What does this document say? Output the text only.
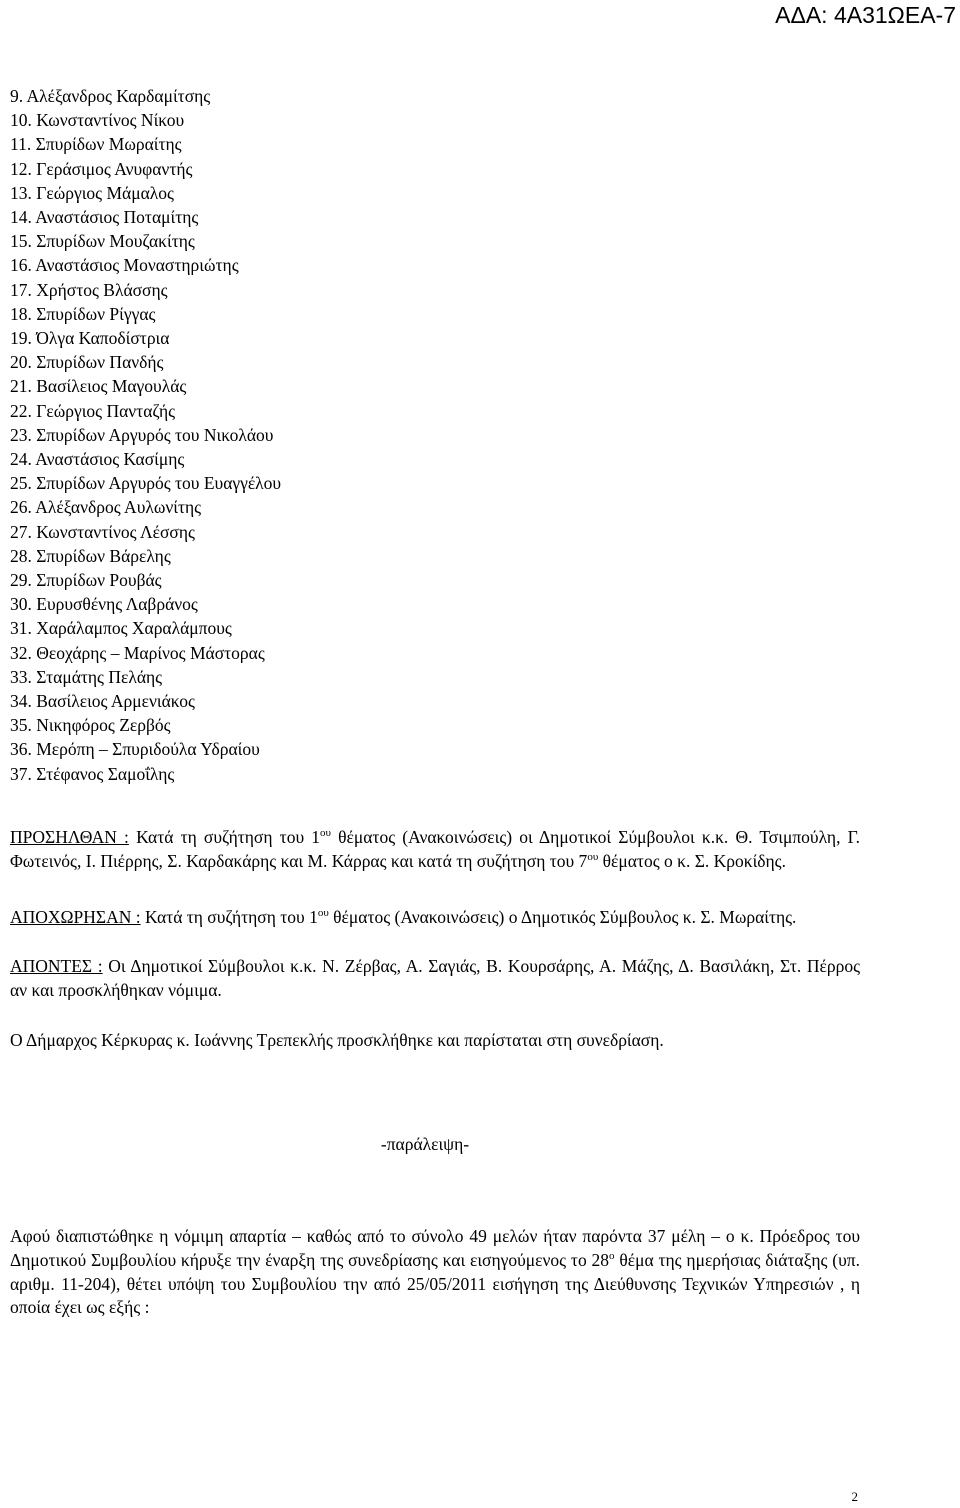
ΑΔΑ: 4Α31ΩΕΑ-7
9. Αλέξανδρος Καρδαμίτσης
10. Κωνσταντίνος Νίκου
11. Σπυρίδων Μωραίτης
12. Γεράσιμος Ανυφαντής
13. Γεώργιος Μάμαλος
14. Αναστάσιος Ποταμίτης
15. Σπυρίδων Μουζακίτης
16. Αναστάσιος Μοναστηριώτης
17. Χρήστος Βλάσσης
18. Σπυρίδων Ρίγγας
19. Όλγα Καποδίστρια
20. Σπυρίδων Πανδής
21. Βασίλειος Μαγουλάς
22. Γεώργιος Πανταζής
23. Σπυρίδων Αργυρός του Νικολάου
24. Αναστάσιος Κασίμης
25. Σπυρίδων Αργυρός του Ευαγγέλου
26. Αλέξανδρος Αυλωνίτης
27. Κωνσταντίνος Λέσσης
28. Σπυρίδων Βάρελης
29. Σπυρίδων Ρουβάς
30. Ευρυσθένης Λαβράνος
31. Χαράλαμπος Χαραλάμπους
32. Θεοχάρης – Μαρίνος Μάστορας
33. Σταμάτης Πελάης
34. Βασίλειος Αρμενιάκος
35. Νικηφόρος Ζερβός
36. Μερόπη – Σπυριδούλα Υδραίου
37. Στέφανος Σαμοΐλης

ΠΡΟΣΗΛΘΑΝ : Κατά τη συζήτηση του $1^{o\upsilon}$ θέματος (Ανακοινώσεις) οι Δημοτικοί Σύμβουλοι κ.κ. Θ. Τσιμπούλη, Γ. Φωτεινός, Ι. Πιέρρης, Σ. Καρδακάρης και Μ. Κάρρας και κατά τη συζήτηση του $7^{o\upsilon}$ θέματος ο κ. Σ. Κροκίδης.

ΑΠΟΧΩΡΗΣΑΝ : Κατά τη συζήτηση του $1^{o\upsilon}$ θέματος (Ανακοινώσεις) ο Δημοτικός Σύμβουλος κ. Σ. Μωραίτης.

ΑΠΟΝΤΕΣ : Οι Δημοτικοί Σύμβουλοι κ.κ. Ν. Ζέρβας, Α. Σαγιάς, Β. Κουρσάρης, Α. Μάζης, Δ. Βασιλάκη, Στ. Πέρρος αν και προσκλήθηκαν νόμιμα.

Ο Δήμαρχος Κέρκυρας κ. Ιωάννης Τρεπεκλής προσκλήθηκε και παρίσταται στη συνεδρίαση.

-παράλειψη-

Αφού διαπιστώθηκε η νόμιμη απαρτία – καθώς από το σύνολο 49 μελών ήταν παρόντα 37 μέλη – ο κ. Πρόεδρος του Δημοτικού Συμβουλίου κήρυξε την έναρξη της συνεδρίασης και εισηγούμενος το $28^o$ θέμα της ημερήσιας διάταξης (υπ. αριθμ. 11-204), θέτει υπόψη του Συμβουλίου την από 25/05/2011 εισήγηση της Διεύθυνσης Τεχνικών Υπηρεσιών , η οποία έχει ως εξής :

2
